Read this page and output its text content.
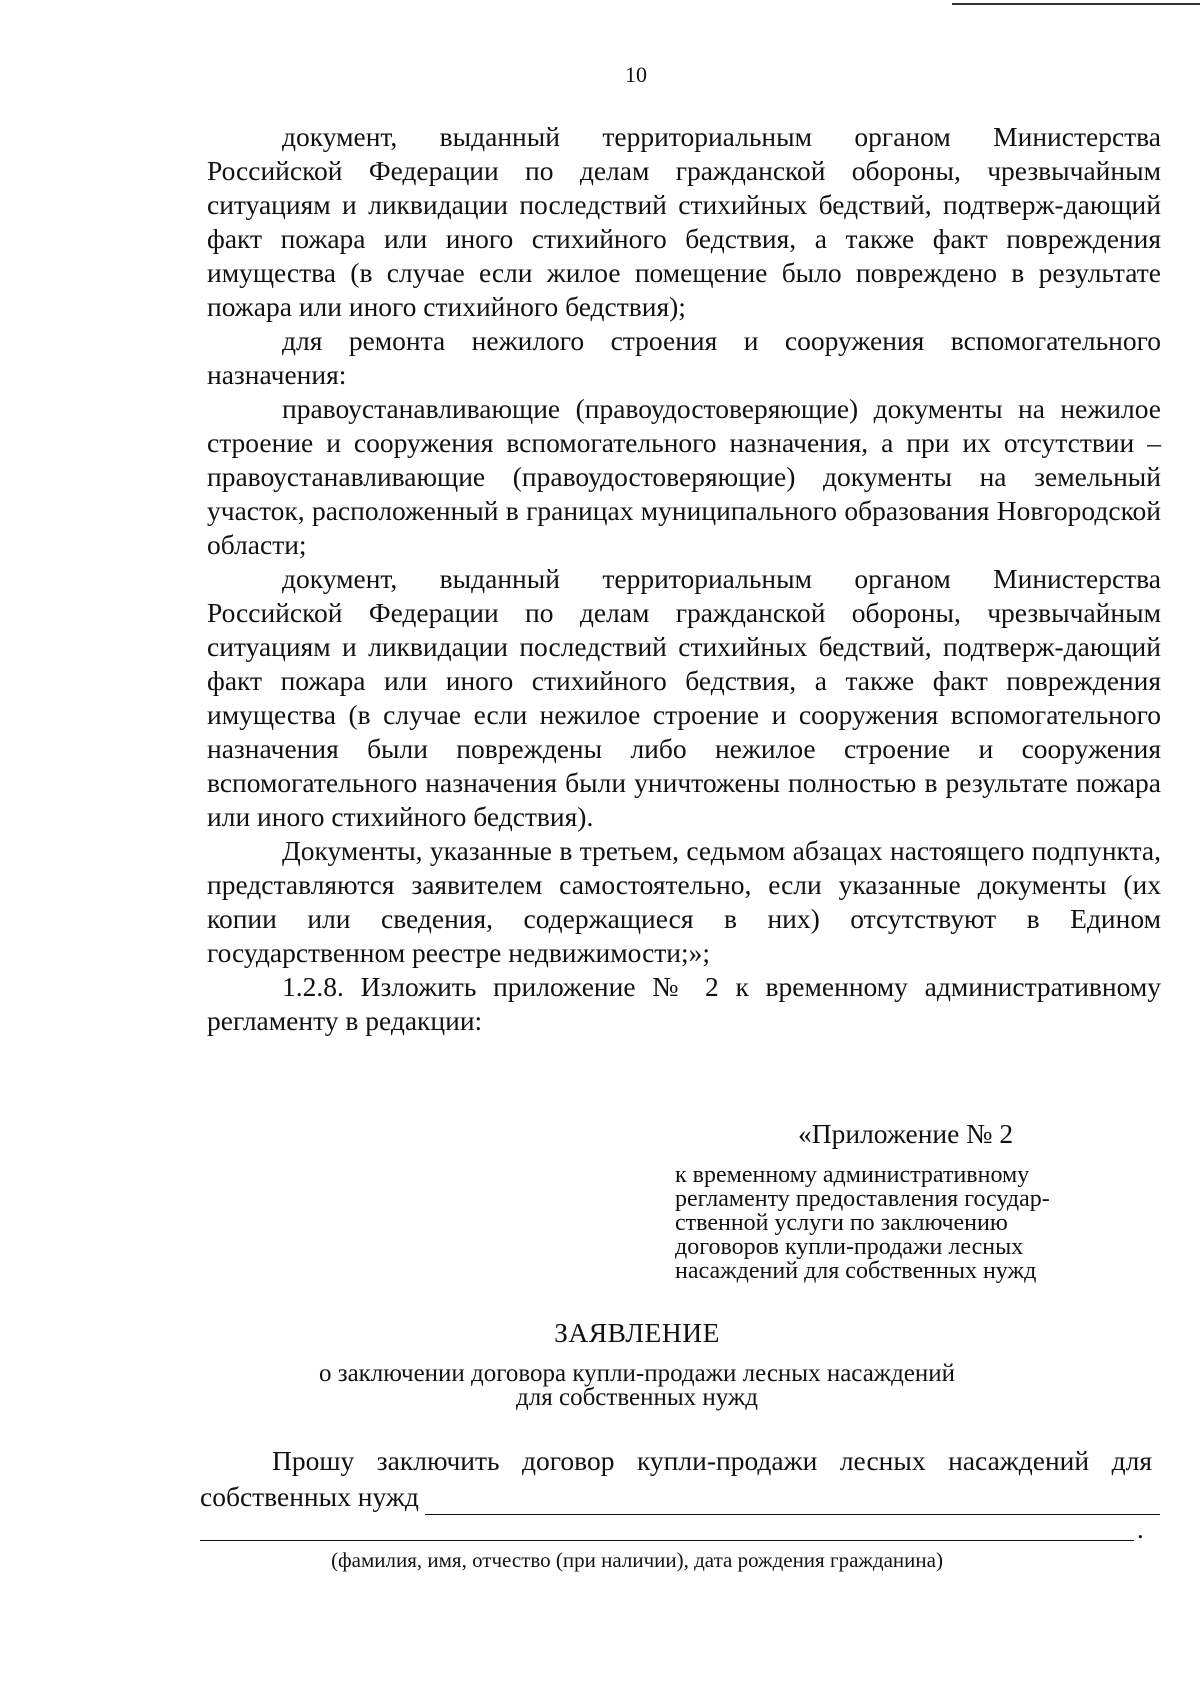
10

документ, выданный территориальным органом Министерства Российской Федерации по делам гражданской обороны, чрезвычайным ситуациям и ликвидации последствий стихийных бедствий, подтверж-дающий факт пожара или иного стихийного бедствия, а также факт повреждения имущества (в случае если жилое помещение было повреждено в результате пожара или иного стихийного бедствия);

для ремонта нежилого строения и сооружения вспомогательного назначения:

правоустанавливающие (правоудостоверяющие) документы на нежилое строение и сооружения вспомогательного назначения, а при их отсутствии – правоустанавливающие (правоудостоверяющие) документы на земельный участок, расположенный в границах муниципального образования Новгородской области;

документ, выданный территориальным органом Министерства Российской Федерации по делам гражданской обороны, чрезвычайным ситуациям и ликвидации последствий стихийных бедствий, подтверж-дающий факт пожара или иного стихийного бедствия, а также факт повреждения имущества (в случае если нежилое строение и сооружения вспомогательного назначения были повреждены либо нежилое строение и сооружения вспомогательного назначения были уничтожены полностью в результате пожара или иного стихийного бедствия).

Документы, указанные в третьем, седьмом абзацах настоящего подпункта, представляются заявителем самостоятельно, если указанные документы (их копии или сведения, содержащиеся в них) отсутствуют в Едином государственном реестре недвижимости;»;

1.2.8. Изложить приложение № 2 к временному административному регламенту в редакции:

«Приложение № 2
к временному административному
регламенту предоставления государ-
ственной услуги по заключению
договоров купли-продажи лесных
насаждений для собственных нужд
ЗАЯВЛЕНИЕ
о заключении договора купли-продажи лесных насаждений
для собственных нужд
Прошу заключить договор купли-продажи лесных насаждений для
собственных нужд
.
(фамилия, имя, отчество (при наличии), дата рождения гражданина)
